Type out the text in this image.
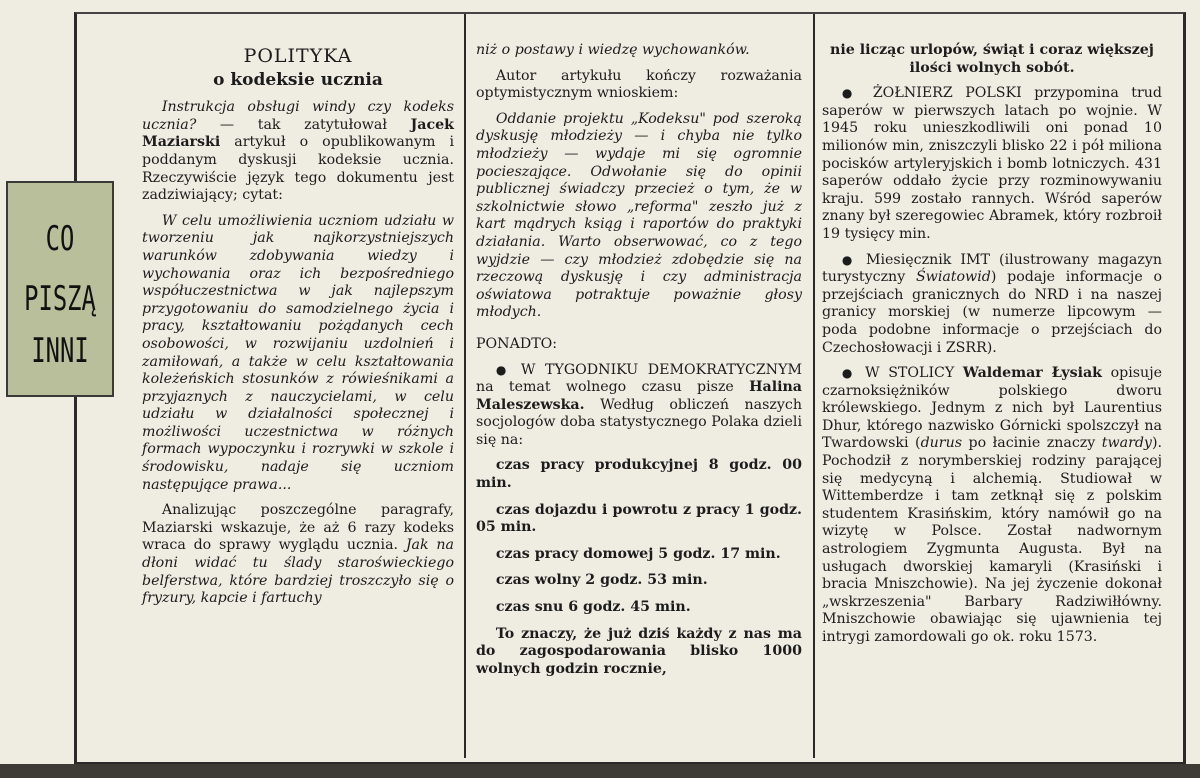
CO
PISZĄ
INNI
POLITYKA
o kodeksie ucznia

Instrukcja obsługi windy czy kodeks ucznia? — tak zatytułował Jacek Maziarski artykuł o opublikowanym i poddanym dyskusji kodeksie ucznia. Rzeczywiście język tego dokumentu jest zadziwiający; cytat:

W celu umożliwienia uczniom udziału w tworzeniu jak najkorzystniejszych warunków zdobywania wiedzy i wychowania oraz ich bezpośredniego współuczestnictwa w jak najlepszym przygotowaniu do samodzielnego życia i pracy, kształtowaniu pożądanych cech osobowości, w rozwijaniu uzdolnień i zamiłowań, a także w celu kształtowania koleżeńskich stosunków z rówieśnikami a przyjaznych z nauczycielami, w celu udziału w działalności społecznej i możliwości uczestnictwa w różnych formach wypoczynku i rozrywki w szkole i środowisku, nadaje się uczniom następujące prawa...

Analizując poszczególne paragrafy, Maziarski wskazuje, że aż 6 razy kodeks wraca do sprawy wyglądu ucznia. Jak na dłoni widać tu ślady staroświeckiego belferstwa, które bardziej troszczyło się o fryzury, kapcie i fartuchy

niż o postawy i wiedzę wychowanków.

Autor artykułu kończy rozważania optymistycznym wnioskiem:

Oddanie projektu „Kodeksu" pod szeroką dyskusję młodzieży — i chyba nie tylko młodzieży — wydaje mi się ogromnie pocieszające. Odwołanie się do opinii publicznej świadczy przecież o tym, że w szkolnictwie słowo „reforma" zeszło już z kart mądrych ksiąg i raportów do praktyki działania. Warto obserwować, co z tego wyjdzie — czy młodzież zdobędzie się na rzeczową dyskusję i czy administracja oświatowa potraktuje poważnie głosy młodych.

PONADTO:

● W TYGODNIKU DEMOKRATYCZNYM na temat wolnego czasu pisze Halina Maleszewska. Według obliczeń naszych socjologów doba statystycznego Polaka dzieli się na:

czas pracy produkcyjnej 8 godz. 00 min.

czas dojazdu i powrotu z pracy 1 godz. 05 min.

czas pracy domowej 5 godz. 17 min.

czas wolny 2 godz. 53 min.

czas snu 6 godz. 45 min.

To znaczy, że już dziś każdy z nas ma do zagospodarowania blisko 1000 wolnych godzin rocznie,

nie licząc urlopów, świąt i coraz większej ilości wolnych sobót.

● ŻOŁNIERZ POLSKI przypomina trud saperów w pierwszych latach po wojnie. W 1945 roku unieszkodliwili oni ponad 10 milionów min, zniszczyli blisko 22 i pół miliona pocisków artyleryjskich i bomb lotniczych. 431 saperów oddało życie przy rozminowywaniu kraju. 599 zostało rannych. Wśród saperów znany był szeregowiec Abramek, który rozbroił 19 tysięcy min.

● Miesięcznik IMT (ilustrowany magazyn turystyczny Światowid) podaje informacje o przejściach granicznych do NRD i na naszej granicy morskiej (w numerze lipcowym — poda podobne informacje o przejściach do Czechosłowacji i ZSRR).

● W STOLICY Waldemar Łysiak opisuje czarnoksiężników polskiego dworu królewskiego. Jednym z nich był Laurentius Dhur, którego nazwisko Górnicki spolszczył na Twardowski (durus po łacinie znaczy twardy). Pochodził z norymberskiej rodziny parającej się medycyną i alchemią. Studiował w Wittemberdze i tam zetknął się z polskim studentem Krasińskim, który namówił go na wizytę w Polsce. Został nadwornym astrologiem Zygmunta Augusta. Był na usługach dworskiej kamaryli (Krasiński i bracia Mniszchowie). Na jej życzenie dokonał „wskrzeszenia" Barbary Radziwiłłówny. Mniszchowie obawiając się ujawnienia tej intrygi zamordowali go ok. roku 1573.
